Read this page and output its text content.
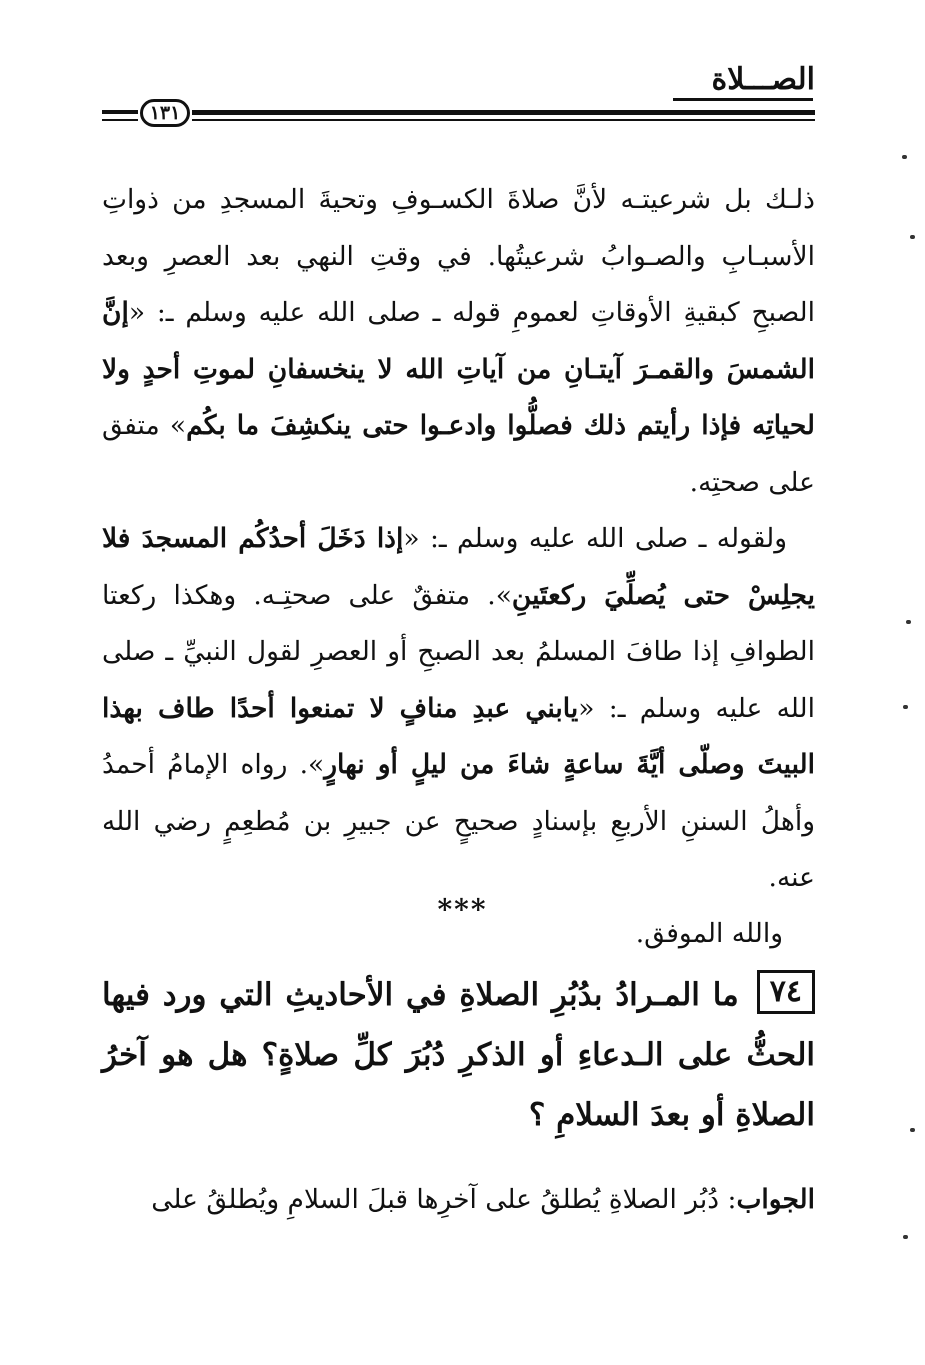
الصـــلاة
١٣١

ذلـك بل شرعيتـه لأنَّ صلاةَ الكسـوفِ وتحيةَ المسجدِ من ذواتِ الأسبـابِ والصـوابُ شرعيتُها. في وقتِ النهي بعد العصرِ وبعد الصبحِ كبقيةِ الأوقاتِ لعمومِ قوله ـ صلى الله عليه وسلم ـ: «إنَّ الشمسَ والقمـرَ آيتـانِ من آياتِ الله لا ينخسفانِ لموتِ أحدٍ ولا لحياتِه فإذا رأيتم ذلك فصلُّوا وادعـوا حتى ينكشِفَ ما بكُم» متفق على صحتِه.

ولقوله ـ صلى الله عليه وسلم ـ: «إذا دَخَلَ أحدُكُم المسجدَ فلا يجلِسْ حتى يُصلِّيَ ركعتَينِ». متفقٌ على صحتِـه. وهكذا ركعتا الطوافِ إذا طافَ المسلمُ بعد الصبحِ أو العصرِ لقول النبيِّ ـ صلى الله عليه وسلم ـ: «يابني عبدِ منافٍ لا تمنعوا أحدًا طاف بهذا البيتَ وصلّى أيَّةَ ساعةٍ شاءَ من ليلٍ أو نهارٍ». رواه الإمامُ أحمدُ وأهلُ السننِ الأربعِ بإسنادٍ صحيحٍ عن جبيرِ بن مُطعِمٍ رضي الله عنه.

والله الموفق.

***
٧٤ما المـرادُ بدُبُرِ الصلاةِ في الأحاديثِ التي ورد فيها الحثُّ على الـدعاءِ أو الذكرِ دُبُرَ كلِّ صلاةٍ؟ هل هو آخرُ الصلاةِ أو بعدَ السلامِ ؟
الجواب: دُبُر الصلاةِ يُطلقُ على آخرِها قبلَ السلامِ ويُطلقُ على
